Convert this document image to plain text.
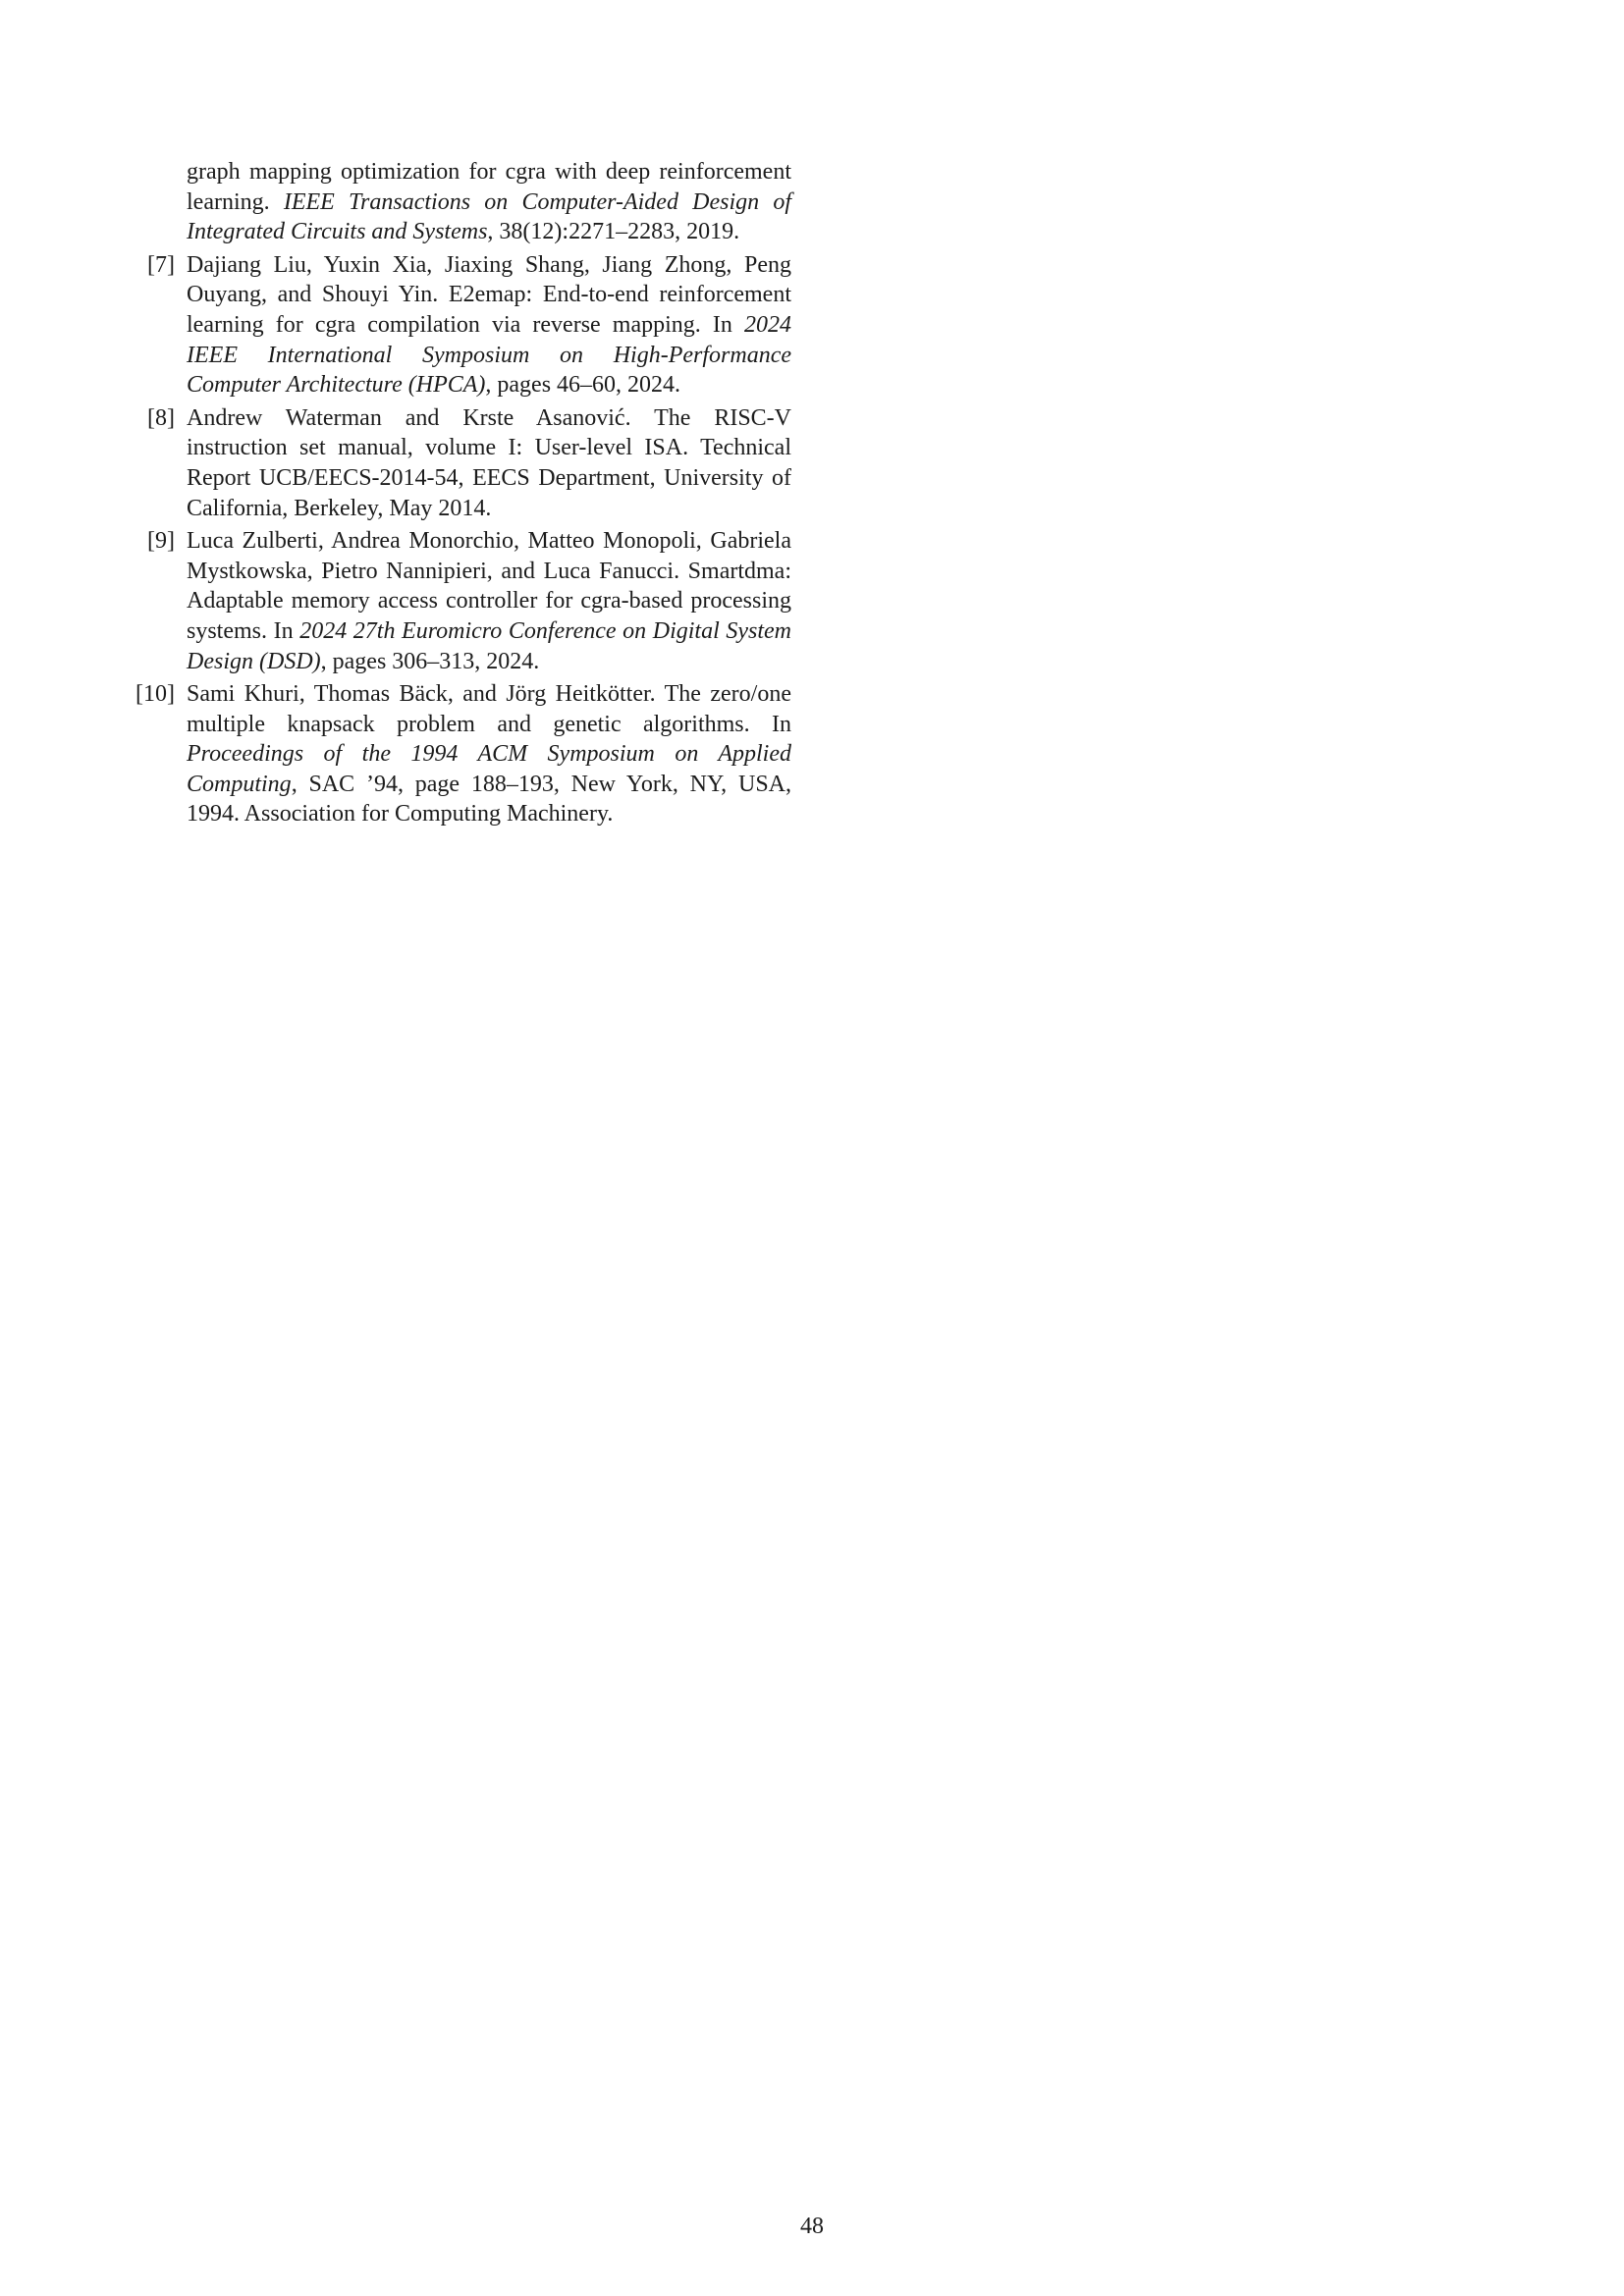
graph mapping optimization for cgra with deep reinforcement learning. IEEE Transactions on Computer-Aided Design of Integrated Circuits and Systems, 38(12):2271–2283, 2019.
[7] Dajiang Liu, Yuxin Xia, Jiaxing Shang, Jiang Zhong, Peng Ouyang, and Shouyi Yin. E2emap: End-to-end reinforcement learning for cgra compilation via reverse mapping. In 2024 IEEE International Symposium on High-Performance Computer Architecture (HPCA), pages 46–60, 2024.
[8] Andrew Waterman and Krste Asanović. The RISC-V instruction set manual, volume I: User-level ISA. Technical Report UCB/EECS-2014-54, EECS Department, University of California, Berkeley, May 2014.
[9] Luca Zulberti, Andrea Monorchio, Matteo Monopoli, Gabriela Mystkowska, Pietro Nannipieri, and Luca Fanucci. Smartdma: Adaptable memory access controller for cgra-based processing systems. In 2024 27th Euromicro Conference on Digital System Design (DSD), pages 306–313, 2024.
[10] Sami Khuri, Thomas Bäck, and Jörg Heitkötter. The zero/one multiple knapsack problem and genetic algorithms. In Proceedings of the 1994 ACM Symposium on Applied Computing, SAC ’94, page 188–193, New York, NY, USA, 1994. Association for Computing Machinery.
48
